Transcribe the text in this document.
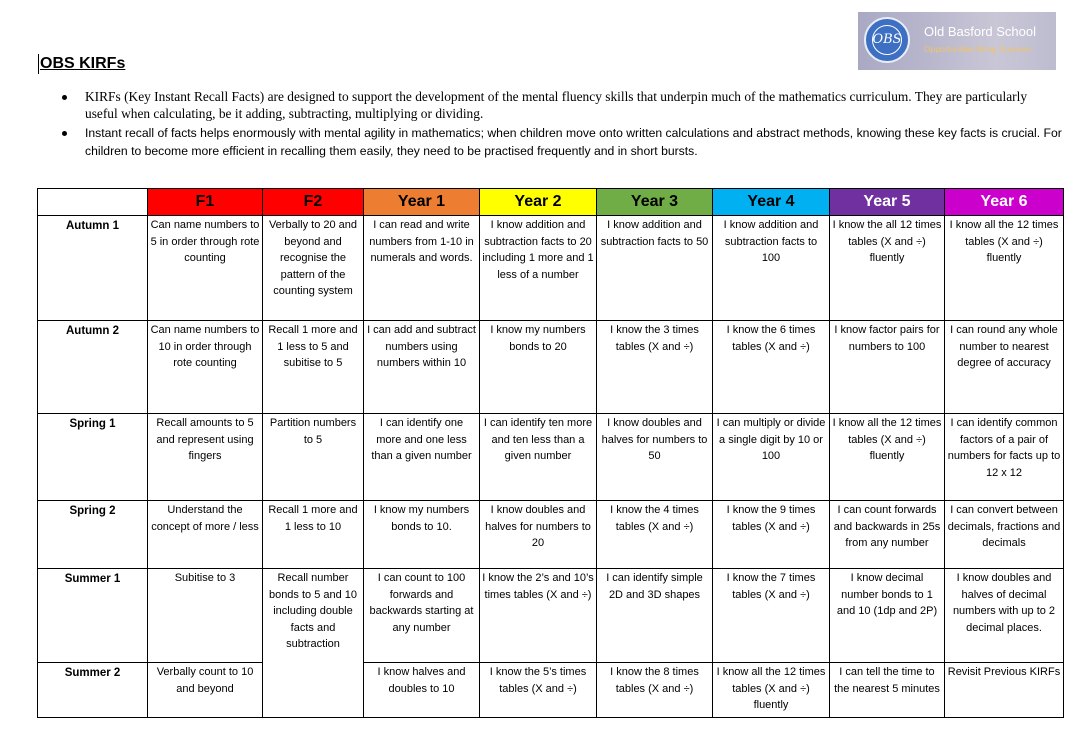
OBS
Old Basford School
Opportunities Bring Success
OBS KIRFs
KIRFs (Key Instant Recall Facts) are designed to support the development of the mental fluency skills that underpin much of the mathematics curriculum. They are particularly useful when calculating, be it adding, subtracting, multiplying or dividing.
Instant recall of facts helps enormously with mental agility in mathematics; when children move onto written calculations and abstract methods, knowing these key facts is crucial. For children to become more efficient in recalling them easily, they need to be practised frequently and in short bursts.
	F1	F2	Year 1	Year 2	Year 3	Year 4	Year 5	Year 6
Autumn 1	Can name numbers to 5 in order through rote counting	Verbally to 20 and beyond and recognise the pattern of the counting system	I can read and write numbers from 1-10 in numerals and words.	I know addition and subtraction facts to 20 including 1 more and 1 less of a number	I know addition and subtraction facts to 50	I know addition and subtraction facts to 100	I know the all 12 times tables (X and ÷) fluently	I know all the 12 times tables (X and ÷) fluently
Autumn 2	Can name numbers to 10 in order through rote counting	Recall 1 more and 1 less to 5 and subitise to 5	I can add and subtract numbers using numbers within 10	I know my numbers bonds to 20	I know the 3 times tables (X and ÷)	I know the 6 times tables (X and ÷)	I know factor pairs for numbers to 100	I can round any whole number to nearest degree of accuracy
Spring 1	Recall amounts to 5 and represent using fingers	Partition numbers to 5	I can identify one more and one less than a given number	I can identify ten more and ten less than a given number	I know doubles and halves for numbers to 50	I can multiply or divide a single digit by 10 or 100	I know all the 12 times tables (X and ÷) fluently	I can identify common factors of a pair of numbers for facts up to 12 x 12
Spring 2	Understand the concept of more / less	Recall 1 more and 1 less to 10	I know my numbers bonds to 10.	I know doubles and halves for numbers to 20	I know the 4 times tables (X and ÷)	I know the 9 times tables (X and ÷)	I can count forwards and backwards in 25s from any number	I can convert between decimals, fractions and decimals
Summer 1	Subitise to 3	Recall number bonds to 5 and 10 including double facts and subtraction	I can count to 100 forwards and backwards starting at any number	I know the 2’s and 10’s times tables (X and ÷)	I can identify simple 2D and 3D shapes	I know the 7 times tables (X and ÷)	I know decimal number bonds to 1 and 10 (1dp and 2P)	I know doubles and halves of decimal numbers with up to 2 decimal places.
Summer 2	Verbally count to 10 and beyond		I know halves and doubles to 10	I know the 5’s times tables (X and ÷)	I know the 8 times tables (X and ÷)	I know all the 12 times tables (X and ÷) fluently	I can tell the time to the nearest 5 minutes	Revisit Previous KIRFs
